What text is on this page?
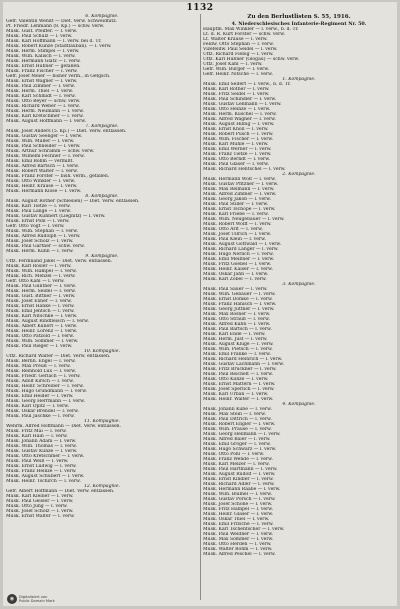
1132
6. Kompagnie.
Gefr. Valentin Wendt — Diet. Verw. Schweidnitz.
Pf. Friedr. Lehmann (8. Kp.) — schw. verw.
Musk. Gust. Pfeiffer. — l. verw.
Musk. Paul Schulz — l. verw.
Musk. Karl Hoffmann — l. verw. bei d. Tr.
Musk. Robert Kunze (Stadtlauban). — l. verw.
Musk. Herm. Stimpel — l. verw.
Musk. Wilh. Kalisch — l. verw.
Musk. Hermann Glatz — l. verw.
Musk. Ernst Hübner — gefallen.
Musk. Franz Fischer — l. verw.
Gefr. Josef Meier — bisher verm., in Gefgsch.
Musk. Ernst Wagner — l. verw.
Musk. Paul Zimmer — l. verw.
Musk. Herm. Thiel — l. verw.
Musk. Karl Schmidt — l. verw.
Musk. Otto Beyer — schw. verw.
Musk. Richard Weber — l. verw.
Musk. Herm. Neumann — l. verw.
Musk. Karl Kretschmer — l. verw.
Musk. August Hoffmann — l. verw.
7. Kompagnie.
Musk. Josef Anders (5. Kp.) — Diet. Verw. entlassen.
Musk. Gustav Seeliger — l. verw.
Musk. Wilh. Müller — l. verw.
Musk. Paul Schneider — l. verw.
Musk. Arthur Schramm — schw. verw.
Musk. Wilhelm Fechner — l. verw.
Musk. Emil Böhm — vermißt.
Musk. Alfred Bartsch — l. verw.
Musk. Robert Walter — l. verw.
Musk. Franz Förster — bish. verm., gefallen.
Musk. Otto Winkler — l. verw.
Musk. Heinr. Krause — l. verw.
Musk. Hermann Klose — l. verw.
8. Kompagnie.
Musk. August Rother (Schlesien) — Diet. Verw. entlassen.
Musk. Karl Tietze — l. verw.
Musk. Paul Lange — l. verw.
Musk. Gustav Kuhnert (Liegnitz) — l. verw.
Musk. Ernst Pohl — l. verw.
Gefr. Otto Vogt — l. verw.
Musk. Wilh. Stephan — l. verw.
Musk. Alfred Rudolph — l. verw.
Musk. Josef Scholz — l. verw.
Musk. Paul Gärtner — schw. verw.
Musk. Herm. Kühn — l. verw.
9. Kompagnie.
Uffz. Ferdinand Jäkel — Diet. Verw. entlassen.
Musk. Karl Rösler — l. verw.
Musk. Wilh. Hampel — l. verw.
Musk. Rich. Menzel — l. verw.
Gefr. Otto Kahl — l. verw.
Musk. Paul Günther — l. verw.
Musk. Herm. Seidel — l. verw.
Musk. Gust. Bittner — l. verw.
Musk. Josef Exner — l. verw.
Musk. Ernst Hanke — l. verw.
Musk. Emil Jentsch — l. verw.
Musk. Karl Nitschke — l. verw.
Musk. August Rindfleisch — l. verw.
Musk. Albert Kunert — l. verw.
Musk. Heinr. Lorenz — l. verw.
Musk. Otto Pätzold — l. verw.
Musk. Wilh. Sommer — l. verw.
Musk. Paul Rieger — l. verw.
10. Kompagnie.
Uffz. Richard Walter — Diet. Verw. entlassen.
Musk. Bernh. Engel — l. verw.
Musk. Max Preuß — l. verw.
Musk. Reinhold Lux — l. verw.
Musk. Friedr. Gerlach — l. verw.
Musk. Adolf Kirsch — l. verw.
Musk. Heinr. Schreiber — l. verw.
Musk. Hugo Grundmann — l. verw.
Musk. Emil Heider — l. verw.
Musk. Georg Herrmann — l. verw.
Musk. Karl Opitz — l. verw.
Musk. Oskar Brendel — l. verw.
Musk. Paul Jäschke — l. verw.
11. Kompagnie.
Wehrm. Alfred Hoffmann — Diet. Verw. entlassen.
Musk. Fritz Mai — l. verw.
Musk. Karl Hain — l. verw.
Musk. Johann Adam — l. verw.
Musk. Wilh. Thomas — l. verw.
Musk. Gustav Kunze — l. verw.
Musk. Otto Kretschmer — l. verw.
Musk. Paul Weiß — l. verw.
Musk. Ernst Ludwig — l. verw.
Musk. Franz Heinze — l. verw.
Musk. August Schubert — l. verw.
Musk. Heinr. Tschirch — l. verw.
12. Kompagnie.
Gefr. Albert Hoffmann — Diet. Verw. entlassen.
Musk. Karl Kleiner — l. verw.
Musk. Paul Geisler — l. verw.
Musk. Otto Jung — l. verw.
Musk. Josef Scholz — l. verw.
Musk. Ernst Walter — l. verw.
Zu den Berlustlisten S. 55, 1916.
4. Niederschlesisches Infanterie-Regiment Nr. 50.
Hauptm. Max Winkler — l. verw., b. d. Tr.
Lt. d. R. Kurt Förster — schw. verw.
Lt. Walter Krause — l. verw.
Feldw. Otto Stephan — l. verw.
Vizefeldw. Paul Seidel — l. verw.
Uffz. Richard Fiebig — l. verw.
Uffz. Karl Hübner (Glogau) — schw. verw.
Uffz. Josef Kahl — l. verw.
Gefr. Wilh. Bürger — l. verw.
Gefr. Heinr. Nitsche — l. verw.
1. Kompagnie.
Musk. Emil Seifert — l. verw., b. d. Tr.
Musk. Karl Rother — l. verw.
Musk. Fritz Seidel — l. verw.
Musk. Paul Schindler — l. verw.
Musk. Gustav Lehmann — l. verw.
Musk. Otto Heinze — l. verw.
Musk. Herm. Kuschel — l. verw.
Musk. Alfred Wagner — l. verw.
Musk. August Hilbig — l. verw.
Musk. Ernst Knoll — l. verw.
Musk. Robert Pusch — l. verw.
Musk. Wilh. Fischer — l. verw.
Musk. Karl Mühle — l. verw.
Musk. Emil Werner — l. verw.
Musk. Franz Tietze — l. verw.
Musk. Otto Berndt — l. verw.
Musk. Paul Glaser — l. verw.
Musk. Richard Hentschel — l. verw.
2. Kompagnie.
Musk. Hermann Wolf — l. verw.
Musk. Gustav Pfitzner — l. verw.
Musk. Max Reimann — l. verw.
Musk. Alfred Zimmer — l. verw.
Musk. Georg Jakob — l. verw.
Musk. Paul Stiller — l. verw.
Musk. Ernst Tschöpe — l. verw.
Musk. Karl Friebe — l. verw.
Musk. Wilh. Neugebauer — l. verw.
Musk. Robert Wolff — l. verw.
Musk. Otto Arlt — l. verw.
Musk. Josef Ullrich — l. verw.
Musk. Paul Klein — l. verw.
Musk. August Gottwald — l. verw.
Musk. Richard Langer — l. verw.
Musk. Hugo Nerlich — l. verw.
Musk. Emil Meißner — l. verw.
Musk. Fritz Goebel — l. verw.
Musk. Heinr. Kaiser — l. verw.
Musk. Oskar Jahn — l. verw.
Musk. Karl Zobel — l. verw.
3. Kompagnie.
Musk. Paul Sauer — l. verw.
Musk. Wilh. Gebauer — l. verw.
Musk. Ernst Domke — l. verw.
Musk. Franz Hanisch — l. verw.
Musk. Georg Jüttner — l. verw.
Musk. Max Rösner — l. verw.
Musk. Otto Strauß — l. verw.
Musk. Alfred Kuhn — l. verw.
Musk. Paul Bartsch — l. verw.
Musk. Karl Ende — l. verw.
Musk. Herm. Just — l. verw.
Musk. August Kluge — l. verw.
Musk. Wilh. Pietsch — l. verw.
Musk. Emil Franke — l. verw.
Musk. Richard Heinrich — l. verw.
Musk. Gustav Lachmann — l. verw.
Musk. Fritz Brückner — l. verw.
Musk. Paul Reichelt — l. verw.
Musk. Otto Kunze — l. verw.
Musk. Ernst Mattern — l. verw.
Musk. Josef Sperlich — l. verw.
Musk. Karl Urban — l. verw.
Musk. Heinr. Walter — l. verw.
4. Kompagnie.
Musk. Johann Kube — l. verw.
Musk. Max Stein — l. verw.
Musk. Paul Dittrich — l. verw.
Musk. Robert Engler — l. verw.
Musk. Wilh. Prause — l. verw.
Musk. Georg Hellmann — l. verw.
Musk. Alfred Baier — l. verw.
Musk. Emil Gröger — l. verw.
Musk. Hugo Schwarz — l. verw.
Musk. Otto Pohl — l. verw.
Musk. Franz Wende — l. verw.
Musk. Karl Melzer — l. verw.
Musk. Paul Hartmann — l. verw.
Musk. August Rudolf — l. verw.
Musk. Ernst Kindler — l. verw.
Musk. Richard Adler — l. verw.
Musk. Hermann Raabe — l. verw.
Musk. Wilh. Blümel — l. verw.
Musk. Gustav Porsch — l. verw.
Musk. Josef Schöne — l. verw.
Musk. Fritz Hampel — l. verw.
Musk. Heinr. Gläser — l. verw.
Musk. Oskar Thiel — l. verw.
Musk. Emil Fritsche — l. verw.
Musk. Karl Tschentscher — l. verw.
Musk. Paul Weidner — l. verw.
Musk. Max Sommer — l. verw.
Musk. Otto Herden — l. verw.
Musk. Walter Böhm — l. verw.
Musk. Alfred Peschel — l. verw.
◉	Digitalisiert von
Public Domain Mark
